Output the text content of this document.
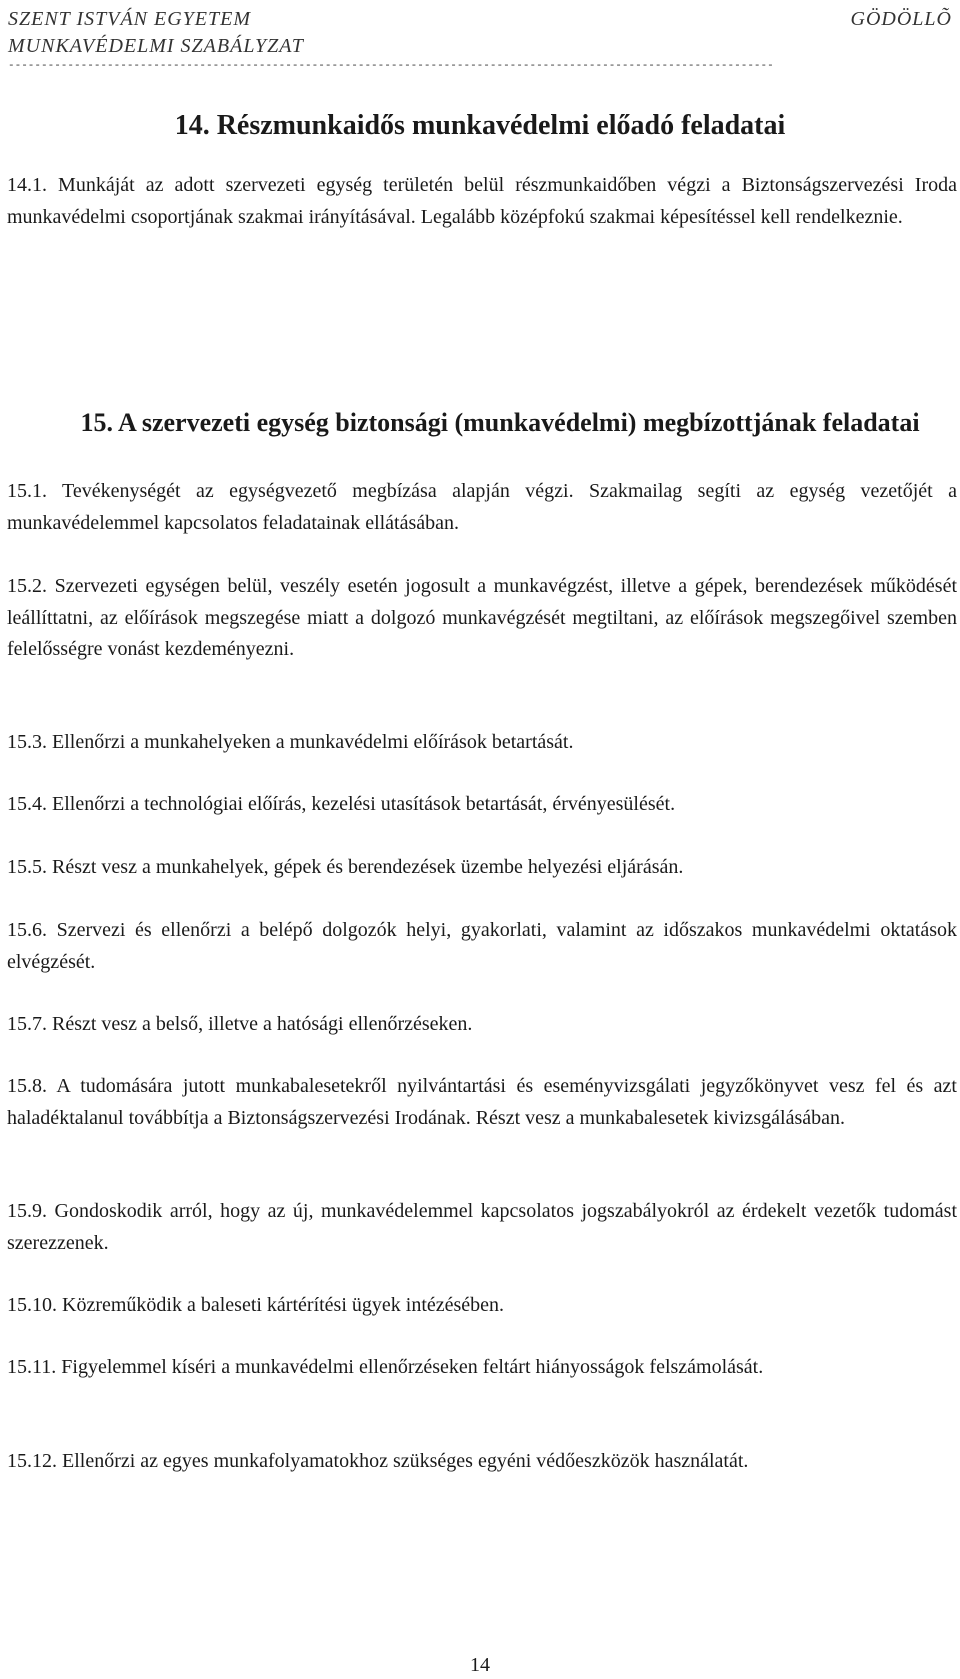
SZENT ISTVÁN EGYETEM	GÖDÖLLÕ
MUNKAVÉDELMI SZABÁLYZAT
--------------------------------------------------------------------------------------------------------------------
14. Részmunkaidős munkavédelmi előadó feladatai

14.1. Munkáját az adott szervezeti egység területén belül részmunkaidőben végzi a Biztonságszervezési Iroda munkavédelmi csoportjának szakmai irányításával. Legalább középfokú szakmai képesítéssel kell rendelkeznie.

15. A szervezeti egység biztonsági (munkavédelmi) megbízottjának feladatai

15.1. Tevékenységét az egységvezető megbízása alapján végzi. Szakmailag segíti az egység vezetőjét a munkavédelemmel kapcsolatos feladatainak ellátásában.

15.2. Szervezeti egységen belül, veszély esetén jogosult a munkavégzést, illetve a gépek, berendezések működését leállíttatni, az előírások megszegése miatt a dolgozó munkavégzését megtiltani, az előírások megszegőivel szemben felelősségre vonást kezdeményezni.

15.3. Ellenőrzi a munkahelyeken a munkavédelmi előírások betartását.

15.4. Ellenőrzi a technológiai előírás, kezelési utasítások betartását, érvényesülését.

15.5. Részt vesz a munkahelyek, gépek és berendezések üzembe helyezési eljárásán.

15.6. Szervezi és ellenőrzi a belépő dolgozók helyi, gyakorlati, valamint az időszakos munkavédelmi oktatások elvégzését.

15.7. Részt vesz a belső, illetve a hatósági ellenőrzéseken.

15.8. A tudomására jutott munkabalesetekről nyilvántartási és eseményvizsgálati jegyzőkönyvet vesz fel és azt haladéktalanul továbbítja a Biztonságszervezési Irodának. Részt vesz a munkabalesetek kivizsgálásában.

15.9. Gondoskodik arról, hogy az új, munkavédelemmel kapcsolatos jogszabályokról az érdekelt vezetők tudomást szerezzenek.

15.10. Közreműködik a baleseti kártérítési ügyek intézésében.

15.11. Figyelemmel kíséri a munkavédelmi ellenőrzéseken feltárt hiányosságok felszámolását.

15.12. Ellenőrzi az egyes munkafolyamatokhoz szükséges egyéni védőeszközök használatát.

14
